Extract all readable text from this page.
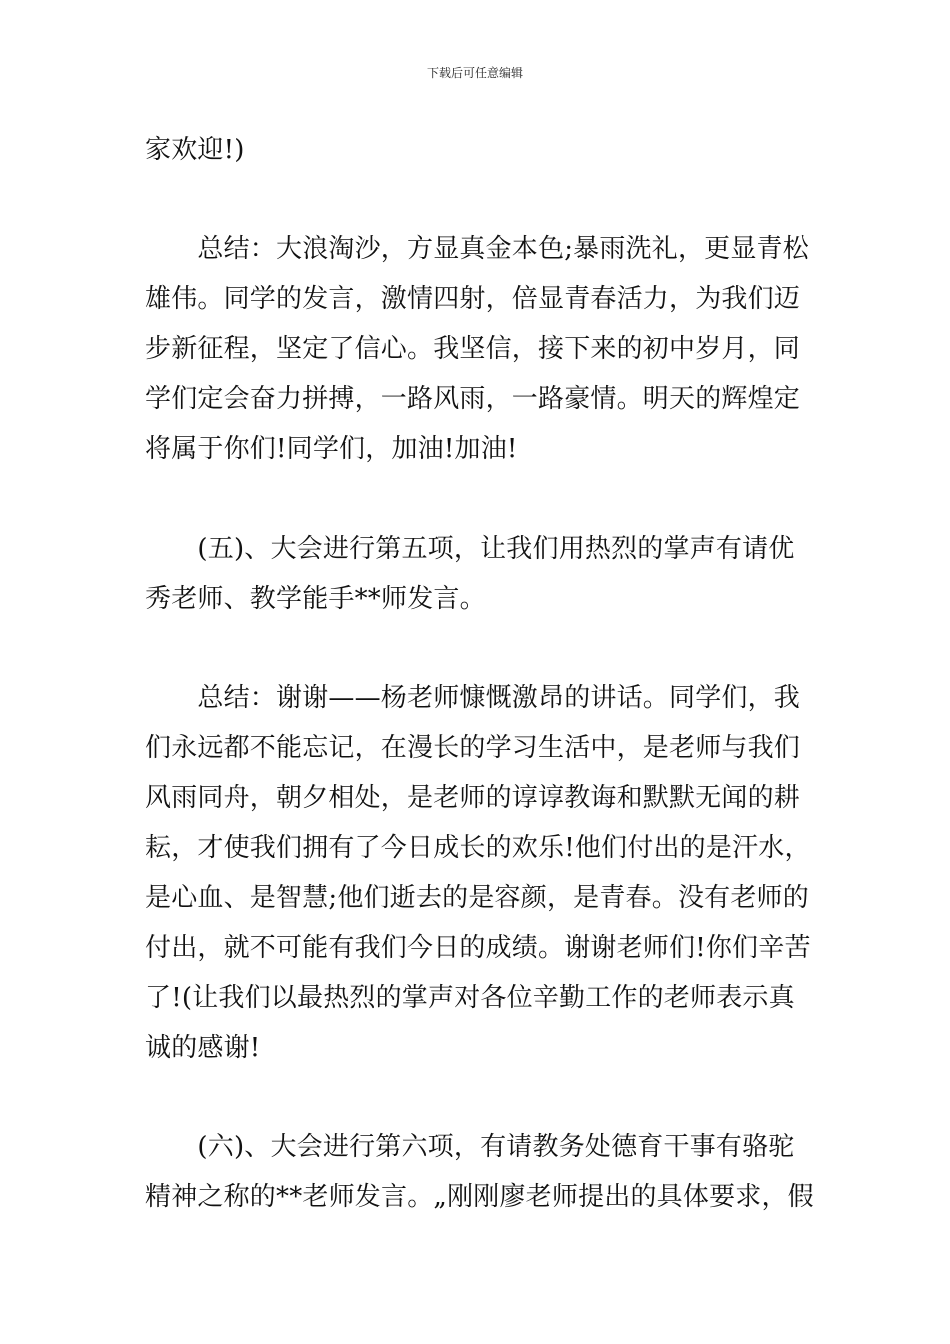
下载后可任意编辑
家欢迎!)
　　总结：大浪淘沙，方显真金本色;暴雨洗礼，更显青松
雄伟。同学的发言，激情四射，倍显青春活力，为我们迈
步新征程，坚定了信心。我坚信，接下来的初中岁月，同
学们定会奋力拼搏，一路风雨，一路豪情。明天的辉煌定
将属于你们!同学们，加油!加油!
　　(五)、大会进行第五项，让我们用热烈的掌声有请优
秀老师、教学能手**师发言。
　　总结：谢谢——杨老师慷慨激昂的讲话。同学们，我
们永远都不能忘记，在漫长的学习生活中，是老师与我们
风雨同舟，朝夕相处，是老师的谆谆教诲和默默无闻的耕
耘，才使我们拥有了今日成长的欢乐!他们付出的是汗水，
是心血、是智慧;他们逝去的是容颜，是青春。没有老师的
付出，就不可能有我们今日的成绩。谢谢老师们!你们辛苦
了!(让我们以最热烈的掌声对各位辛勤工作的老师表示真
诚的感谢!
　　(六)、大会进行第六项，有请教务处德育干事有骆驼
精神之称的**老师发言。„刚刚廖老师提出的具体要求，假
